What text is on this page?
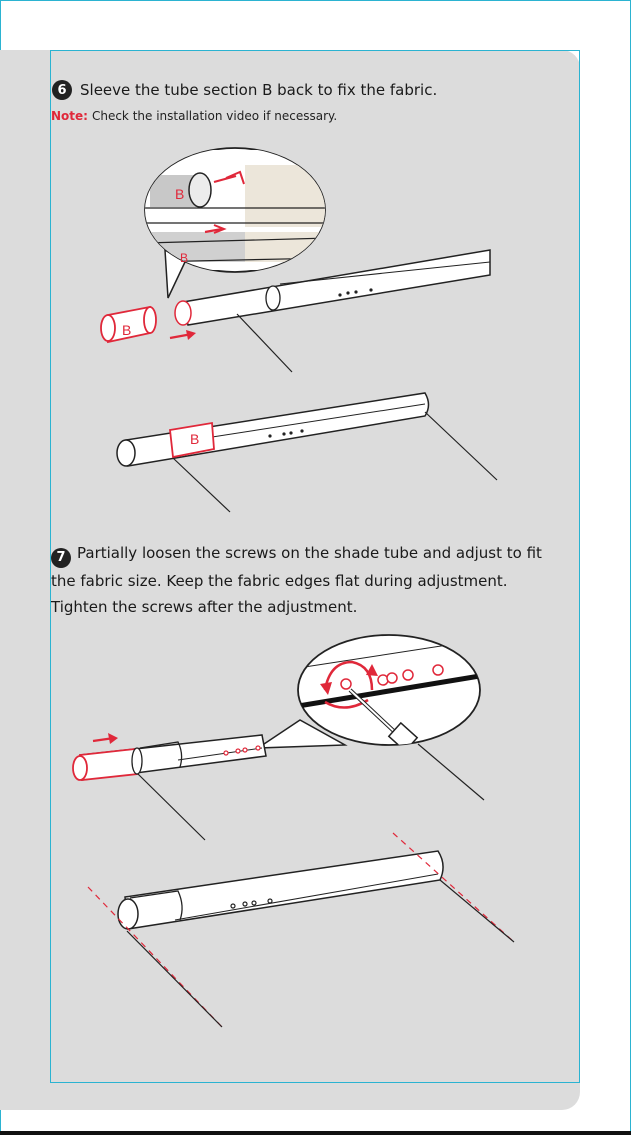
6 Sleeve the tube section B back to fix the fabric.
Note: Check the installation video if necessary.
B
B
B
B
7 Partially loosen the screws on the shade tube and adjust to fit the fabric size. Keep the fabric edges flat during adjustment. Tighten the screws after the adjustment.
